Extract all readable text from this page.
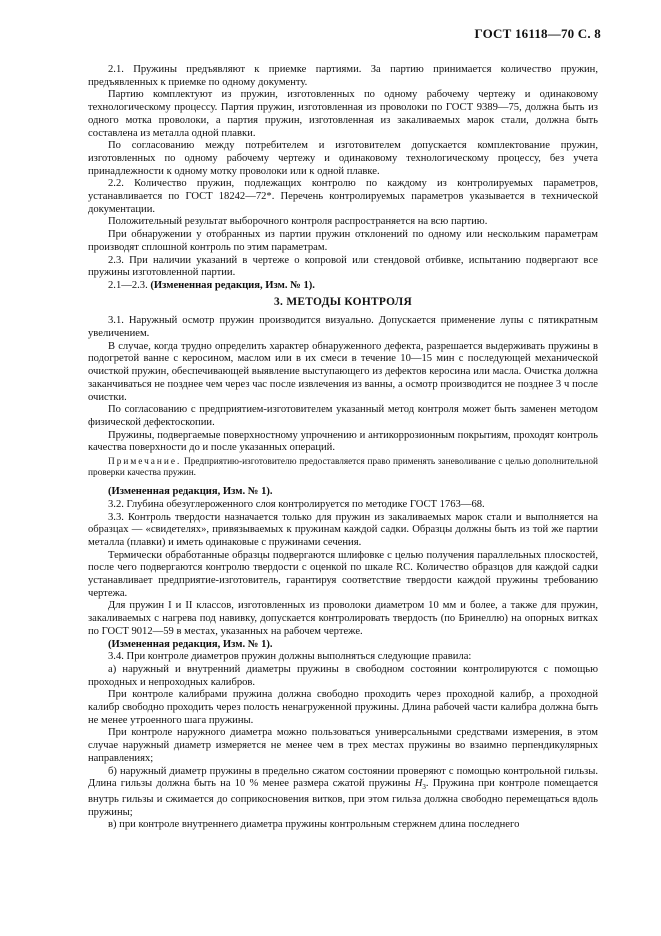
ГОСТ 16118—70 С. 8

2.1. Пружины предъявляют к приемке партиями. За партию принимается количество пружин, предъявленных к приемке по одному документу.

Партию комплектуют из пружин, изготовленных по одному рабочему чертежу и одинаковому технологическому процессу. Партия пружин, изготовленная из проволоки по ГОСТ 9389—75, должна быть из одного мотка проволоки, а партия пружин, изготовленная из закаливаемых марок стали, должна быть составлена из металла одной плавки.

По согласованию между потребителем и изготовителем допускается комплектование пружин, изготовленных по одному рабочему чертежу и одинаковому технологическому процессу, без учета принадлежности к одному мотку проволоки или к одной плавке.

2.2. Количество пружин, подлежащих контролю по каждому из контролируемых параметров, устанавливается по ГОСТ 18242—72*. Перечень контролируемых параметров указывается в технической документации.

Положительный результат выборочного контроля распространяется на всю партию.

При обнаружении у отобранных из партии пружин отклонений по одному или нескольким параметрам производят сплошной контроль по этим параметрам.

2.3. При наличии указаний в чертеже о копровой или стендовой отбивке, испытанию подвергают все пружины изготовленной партии.

2.1—2.3. (Измененная редакция, Изм. № 1).

3. МЕТОДЫ КОНТРОЛЯ

3.1. Наружный осмотр пружин производится визуально. Допускается применение лупы с пятикратным увеличением.

В случае, когда трудно определить характер обнаруженного дефекта, разрешается выдерживать пружины в подогретой ванне с керосином, маслом или в их смеси в течение 10—15 мин с последующей механической очисткой пружин, обеспечивающей выявление выступающего из дефектов керосина или масла. Очистка должна заканчиваться не позднее чем через час после извлечения из ванны, а осмотр производится не позднее 3 ч после очистки.

По согласованию с предприятием-изготовителем указанный метод контроля может быть заменен методом физической дефектоскопии.

Пружины, подвергаемые поверхностному упрочнению и антикоррозионным покрытиям, проходят контроль качества поверхности до и после указанных операций.

Примечание. Предприятию-изготовителю предоставляется право применять заневоливание с целью дополнительной проверки качества пружин.

(Измененная редакция, Изм. № 1).

3.2. Глубина обезуглероженного слоя контролируется по методике ГОСТ 1763—68.

3.3. Контроль твердости назначается только для пружин из закаливаемых марок стали и выполняется на образцах — «свидетелях», привязываемых к пружинам каждой садки. Образцы должны быть из той же партии металла (плавки) и иметь одинаковые с пружинами сечения.

Термически обработанные образцы подвергаются шлифовке с целью получения параллельных плоскостей, после чего подвергаются контролю твердости с оценкой по шкале RC. Количество образцов для каждой садки устанавливает предприятие-изготовитель, гарантируя соответствие твердости каждой пружины требованию чертежа.

Для пружин I и II классов, изготовленных из проволоки диаметром 10 мм и более, а также для пружин, закаливаемых с нагрева под навивку, допускается контролировать твердость (по Бринеллю) на опорных витках по ГОСТ 9012—59 в местах, указанных на рабочем чертеже.

(Измененная редакция, Изм. № 1).

3.4. При контроле диаметров пружин должны выполняться следующие правила:

а) наружный и внутренний диаметры пружины в свободном состоянии контролируются с помощью проходных и непроходных калибров.

При контроле калибрами пружина должна свободно проходить через проходной калибр, а проходной калибр свободно проходить через полость ненагруженной пружины. Длина рабочей части калибра должна быть не менее утроенного шага пружины.

При контроле наружного диаметра можно пользоваться универсальными средствами измерения, в этом случае наружный диаметр измеряется не менее чем в трех местах пружины во взаимно перпендикулярных направлениях;

б) наружный диаметр пружины в предельно сжатом состоянии проверяют с помощью контрольной гильзы. Длина гильзы должна быть на 10 % менее размера сжатой пружины $H_3$. Пружина при контроле помещается внутрь гильзы и сжимается до соприкосновения витков, при этом гильза должна свободно перемещаться вдоль пружины;

в) при контроле внутреннего диаметра пружины контрольным стержнем длина последнего
